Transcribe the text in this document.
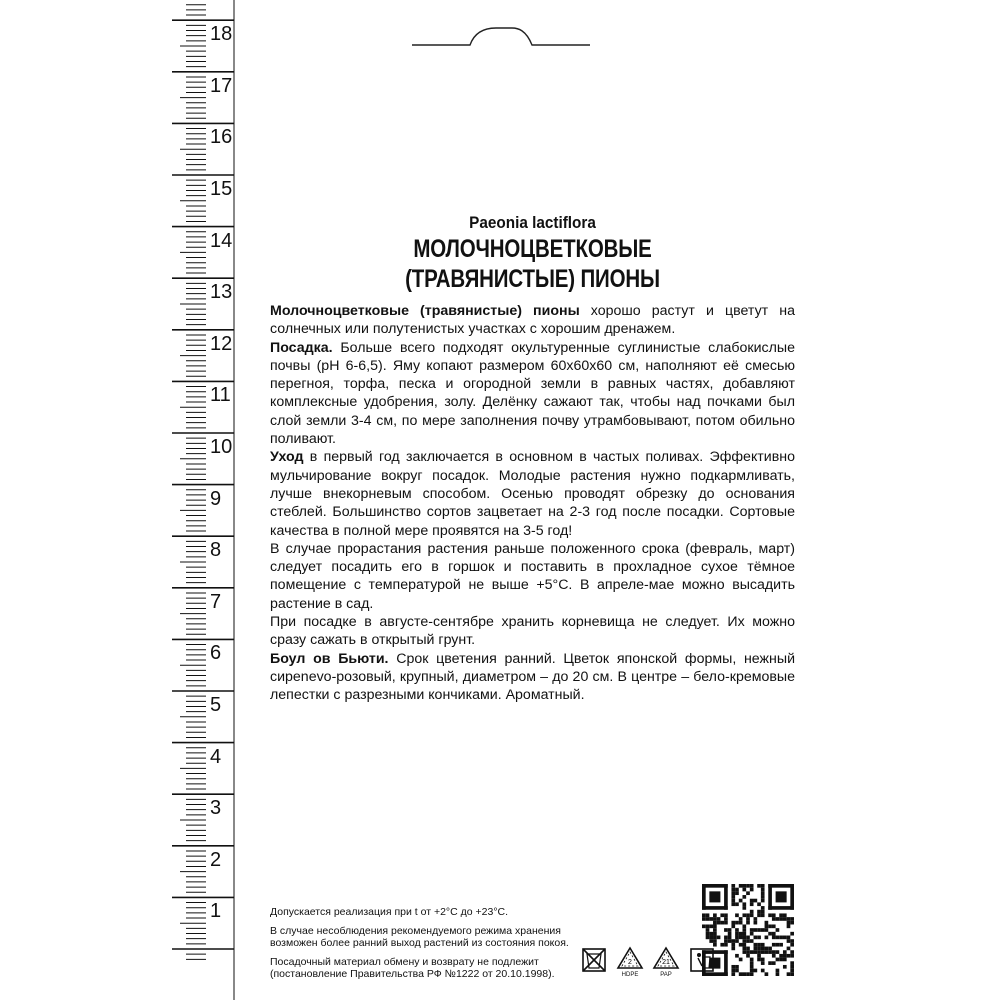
1
2
3
4
5
6
7
8
9
10
11
12
13
14
15
16
17
18

Paeonia lactiflora

МОЛОЧНОЦВЕТКОВЫЕ

(ТРАВЯНИСТЫЕ) ПИОНЫ

Молочноцветковые (травянистые) пионы хорошо растут и цветут на солнечных или полутенистых участках с хорошим дренажем.

Посадка. Больше всего подходят окультуренные суглинистые слабокислые почвы (pH 6-6,5). Яму копают размером 60х60х60 см, наполняют её смесью перегноя, торфа, песка и огородной земли в равных частях, добавляют комплексные удобрения, золу. Делёнку сажают так, чтобы над почками был слой земли 3-4 см, по мере заполнения почву утрамбовывают, потом обильно поливают.

Уход в первый год заключается в основном в частых поливах. Эффективно мульчирование вокруг посадок. Молодые растения нужно подкармливать, лучше внекорневым способом. Осенью проводят обрезку до основания стеблей. Большинство сортов зацветает на 2-3 год после посадки. Сортовые качества в полной мере проявятся на 3-5 год!

В случае прорастания растения раньше положенного срока (февраль, март) следует посадить его в горшок и поставить в прохладное сухое тёмное помещение с температурой не выше +5°С. В апреле-мае можно высадить растение в сад.

При посадке в августе-сентябре хранить корневища не следует. Их можно сразу сажать в открытый грунт.

Боул ов Бьюти. Срок цветения ранний. Цветок японской формы, нежный сирenevo-розовый, крупный, диаметром – до 20 см. В центре – бело-кремовые лепестки с разрезными кончиками. Ароматный.

Допускается реализация при t от +2°С до +23°С.

В случае несоблюдения рекомендуемого режима хранения

возможен более ранний выход растений из состояния покоя.

Посадочный материал обмену и возврату не подлежит

(постановление Правительства РФ №1222 от 20.10.1998).

2
HDPE
21
PAP
